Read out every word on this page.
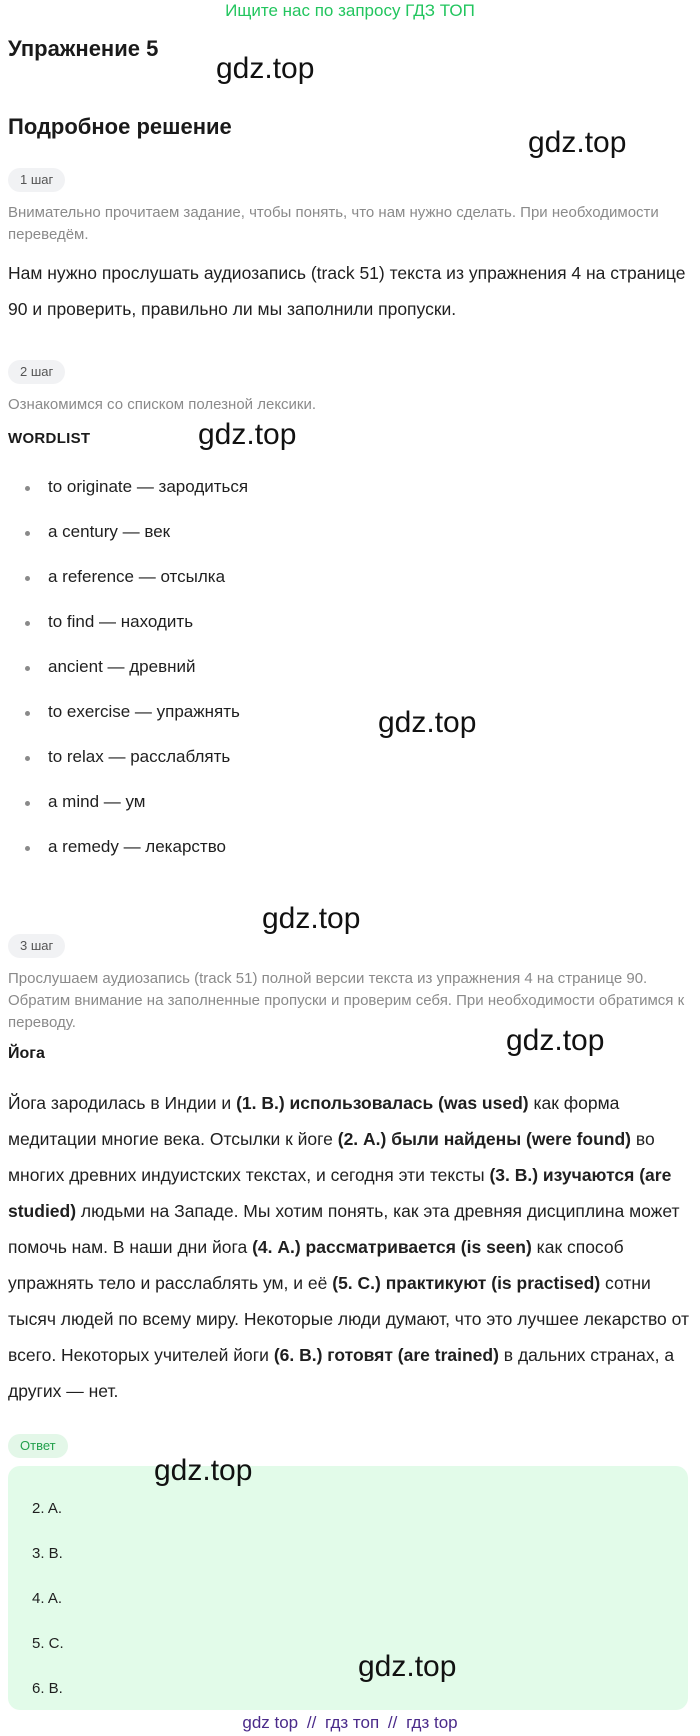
Ищите нас по запросу ГДЗ ТОП
Упражнение 5
gdz.top
Подробное решение	gdz.top
1 шаг
Внимательно прочитаем задание, чтобы понять, что нам нужно сделать. При необходимости переведём.
Нам нужно прослушать аудиозапись (track 51) текста из упражнения 4 на странице 90 и проверить, правильно ли мы заполнили пропуски.
2 шаг
Ознакомимся со списком полезной лексики.
WORDLIST	gdz.top
to originate — зародиться
a century — век
a reference — отсылка
to find — находить
ancient — древний
to exercise — упражнять
to relax — расслаблять
a mind — ум
a remedy — лекарство
gdz.top
gdz.top
3 шаг
Прослушаем аудиозапись (track 51) полной версии текста из упражнения 4 на странице 90. Обратим внимание на заполненные пропуски и проверим себя. При необходимости обратимся к переводу.
Йога	gdz.top
Йога зародилась в Индии и (1. B.) использовалась (was used) как форма медитации многие века. Отсылки к йоге (2. A.) были найдены (were found) во многих древних индуистских текстах, и сегодня эти тексты (3. B.) изучаются (are studied) людьми на Западе. Мы хотим понять, как эта древняя дисциплина может помочь нам. В наши дни йога (4. A.) рассматривается (is seen) как способ упражнять тело и расслаблять ум, и её (5. C.) практикуют (is practised) сотни тысяч людей по всему миру. Некоторые люди думают, что это лучшее лекарство от всего. Некоторых учителей йоги (6. B.) готовят (are trained) в дальних странах, а других — нет.
Ответ
2. A.
3. B.
4. A.
5. C.
6. B.
gdz.top
gdz.top
gdz top // гдз топ // гдз top
